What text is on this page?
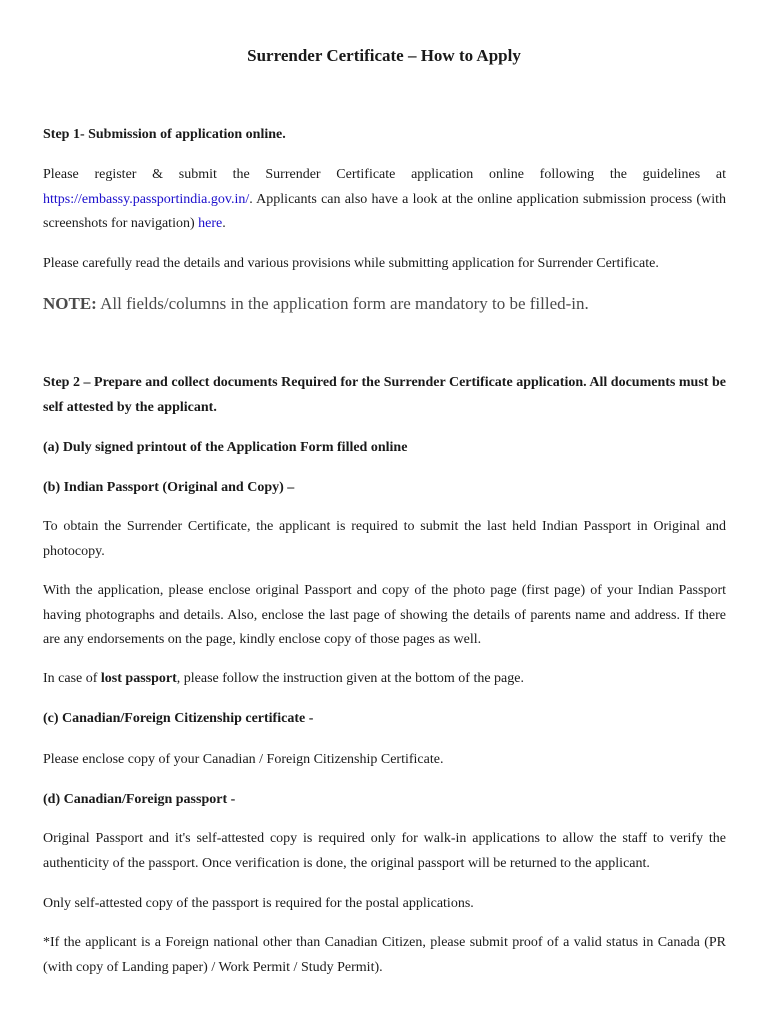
Surrender Certificate – How to Apply
Step 1- Submission of application online.
Please register & submit the Surrender Certificate application online following the guidelines at https://embassy.passportindia.gov.in/. Applicants can also have a look at the online application submission process (with screenshots for navigation) here.
Please carefully read the details and various provisions while submitting application for Surrender Certificate.
NOTE: All fields/columns in the application form are mandatory to be filled-in.
Step 2 – Prepare and collect documents Required for the Surrender Certificate application. All documents must be self attested by the applicant.
(a) Duly signed printout of the Application Form filled online
(b) Indian Passport (Original and Copy) –
To obtain the Surrender Certificate, the applicant is required to submit the last held Indian Passport in Original and photocopy.
With the application, please enclose original Passport and copy of the photo page (first page) of your Indian Passport having photographs and details. Also, enclose the last page of showing the details of parents name and address. If there are any endorsements on the page, kindly enclose copy of those pages as well.
In case of lost passport, please follow the instruction given at the bottom of the page.
(c) Canadian/Foreign Citizenship certificate -
Please enclose copy of your Canadian / Foreign Citizenship Certificate.
(d) Canadian/Foreign passport -
Original Passport and it's self-attested copy is required only for walk-in applications to allow the staff to verify the authenticity of the passport. Once verification is done, the original passport will be returned to the applicant.
Only self-attested copy of the passport is required for the postal applications.
*If the applicant is a Foreign national other than Canadian Citizen, please submit proof of a valid status in Canada (PR (with copy of Landing paper) / Work Permit / Study Permit).
